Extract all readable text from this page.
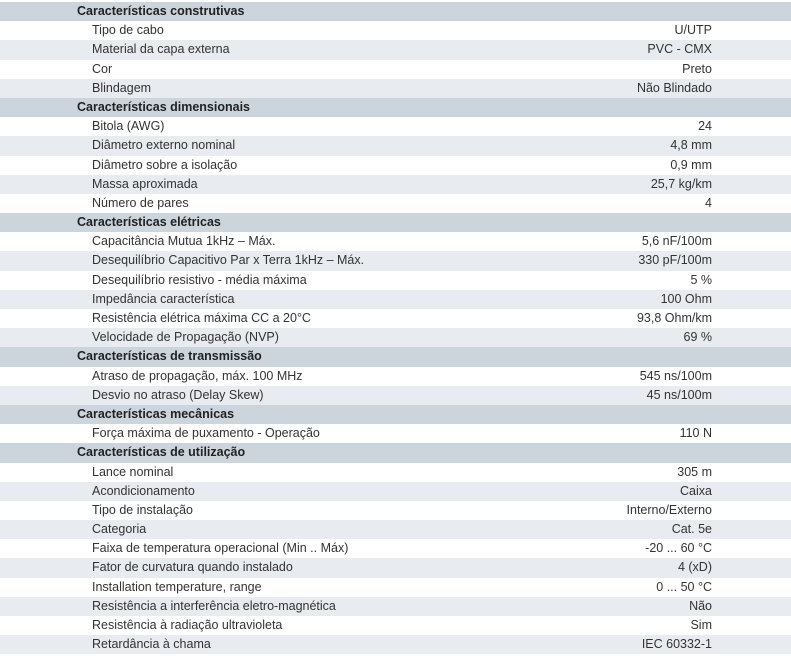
Características construtivas
Tipo de cabo	U/UTP
Material da capa externa	PVC - CMX
Cor	Preto
Blindagem	Não Blindado
Características dimensionais
Bitola (AWG)	24
Diâmetro externo nominal	4,8 mm
Diâmetro sobre a isolação	0,9 mm
Massa aproximada	25,7 kg/km
Número de pares	4
Características elétricas
Capacitância Mutua 1kHz – Máx.	5,6 nF/100m
Desequilíbrio Capacitivo Par x Terra 1kHz – Máx.	330 pF/100m
Desequilíbrio resistivo - média máxima	5 %
Impedância característica	100 Ohm
Resistência elétrica máxima CC a 20°C	93,8 Ohm/km
Velocidade de Propagação (NVP)	69 %
Características de transmissão
Atraso de propagação, máx. 100 MHz	545 ns/100m
Desvio no atraso (Delay Skew)	45 ns/100m
Características mecânicas
Força máxima de puxamento - Operação	110 N
Características de utilização
Lance nominal	305 m
Acondicionamento	Caixa
Tipo de instalação	Interno/Externo
Categoria	Cat. 5e
Faixa de temperatura operacional (Min .. Máx)	-20 ... 60 °C
Fator de curvatura quando instalado	4 (xD)
Installation temperature, range	0 ... 50 °C
Resistência a interferência eletro-magnética	Não
Resistência à radiação ultravioleta	Sim
Retardância à chama	IEC 60332-1
